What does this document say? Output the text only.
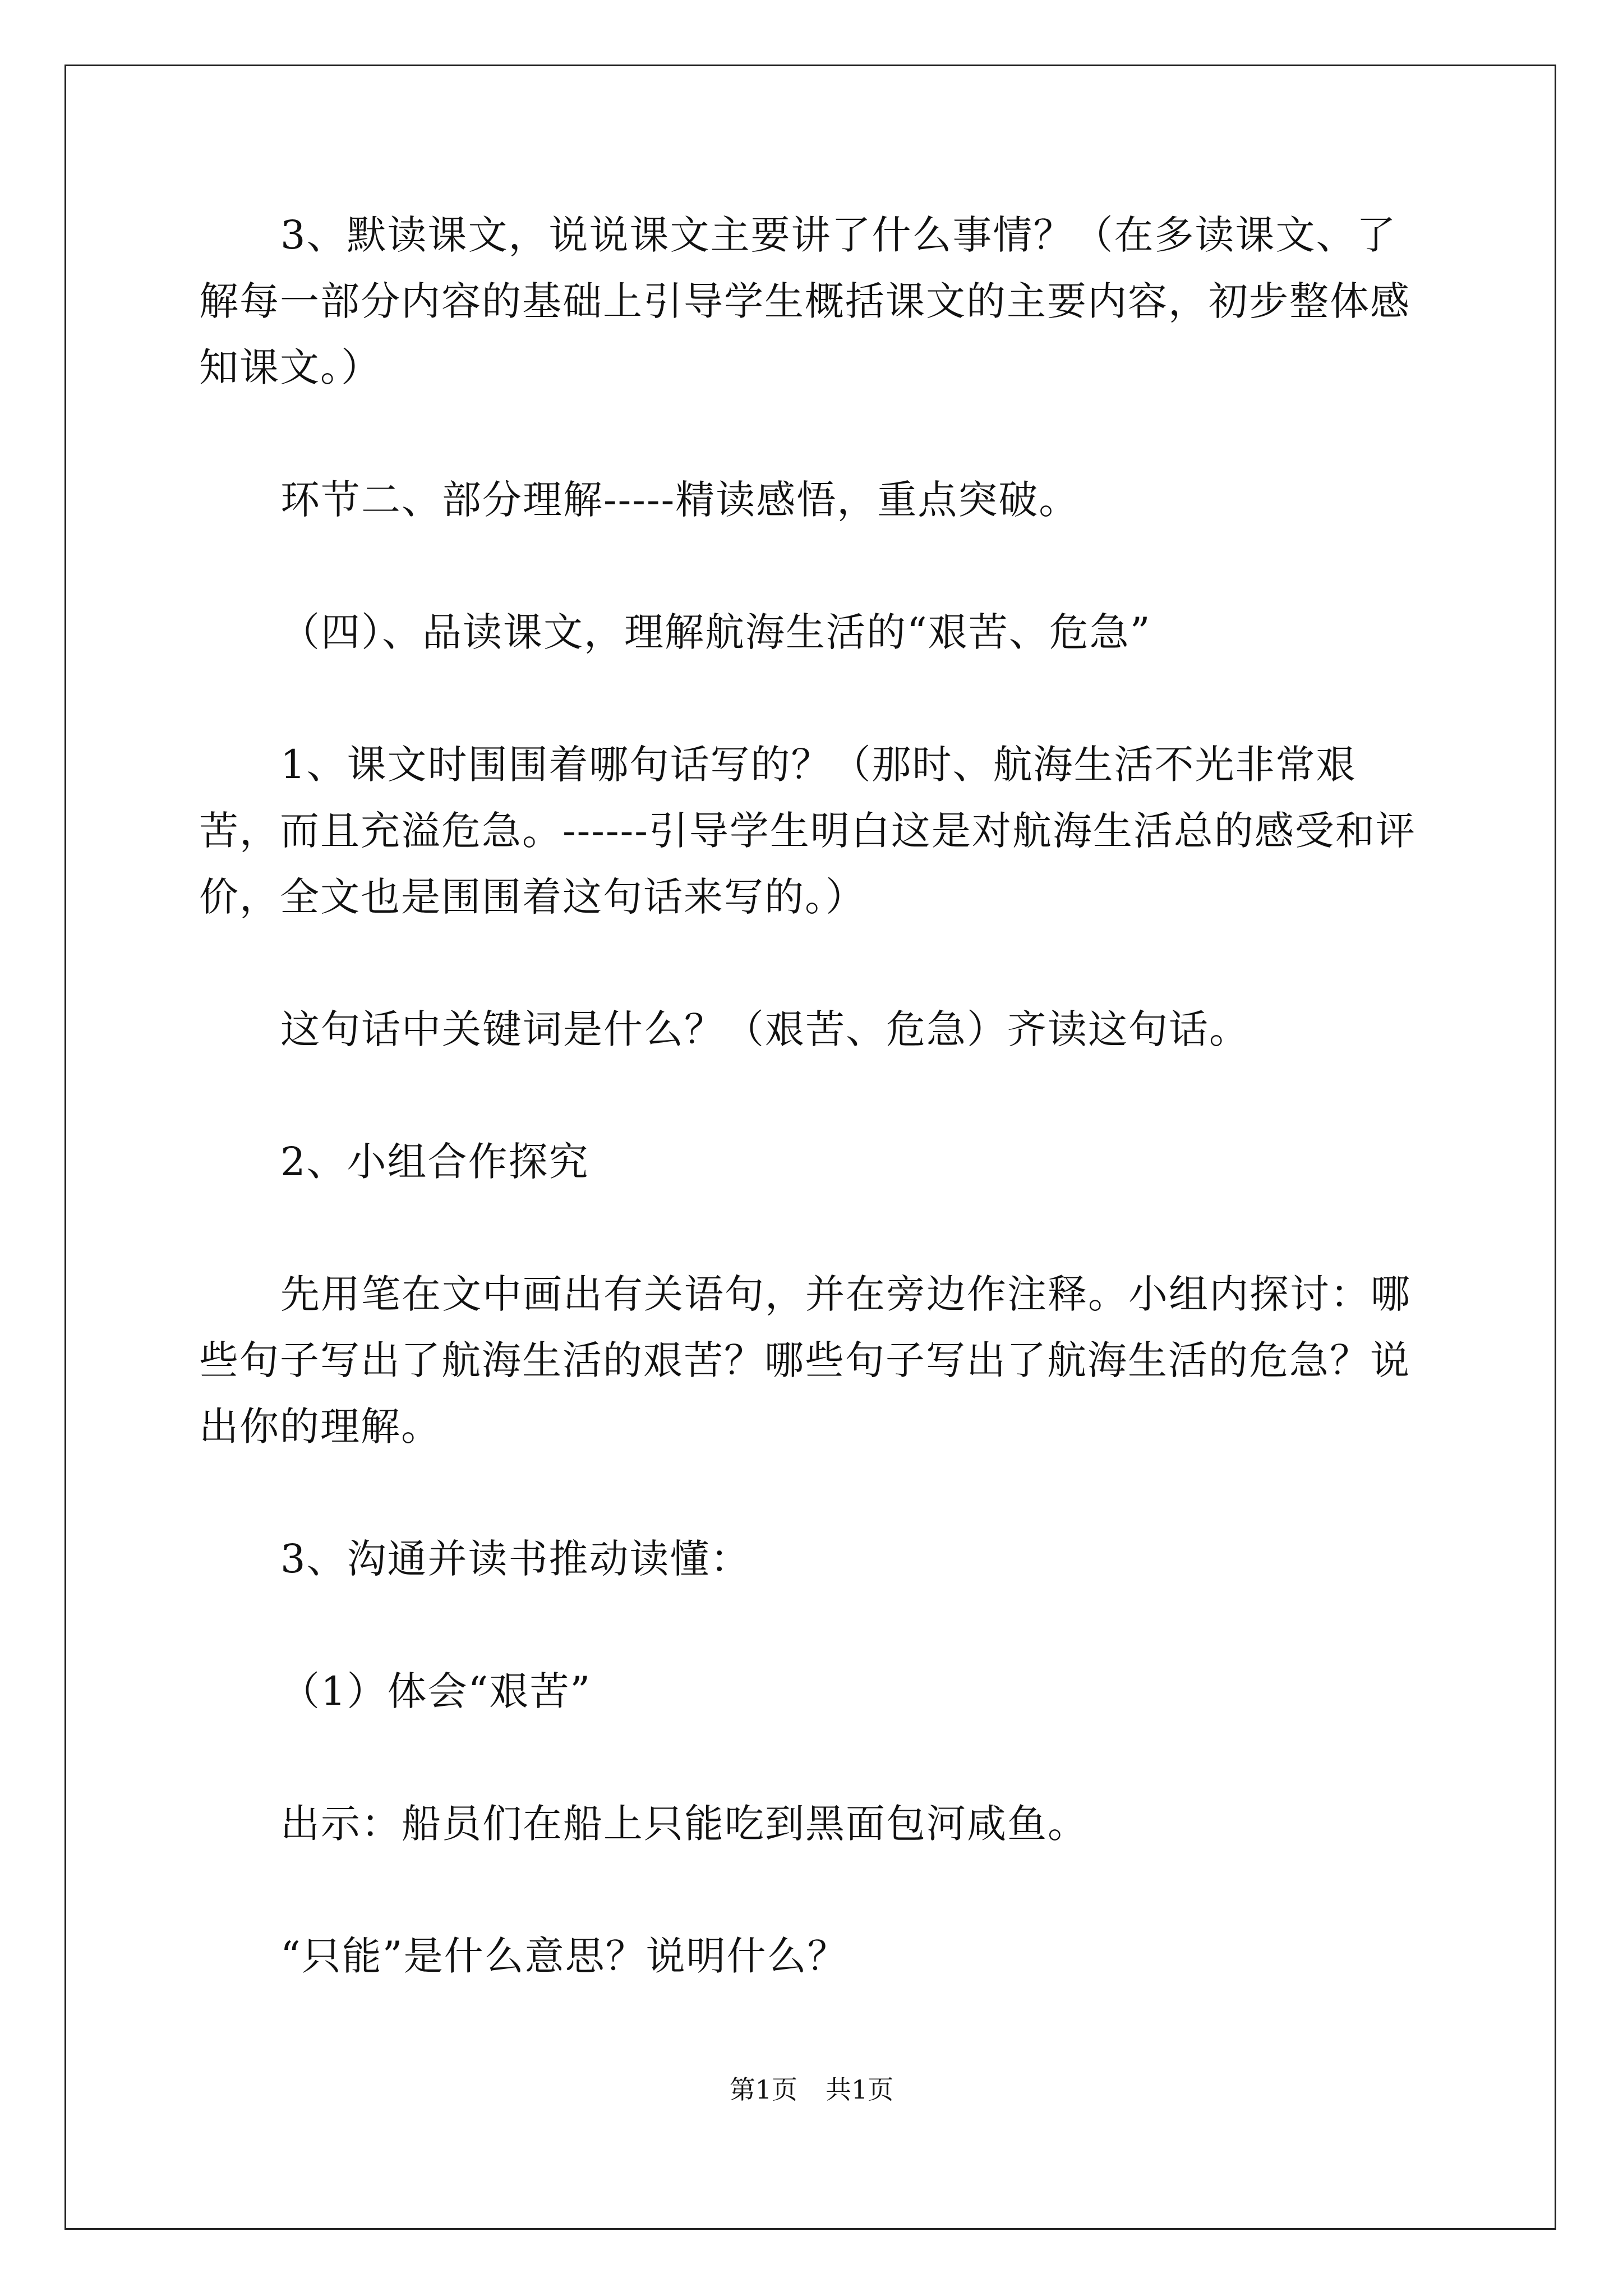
3、默读课文，说说课文主要讲了什么事情？（在多读课文、了解每一部分内容的基础上引导学生概括课文的主要内容，初步整体感知课文。）

环节二、部分理解-----精读感悟，重点突破。

（四）、品读课文，理解航海生活的“艰苦、危急”

1、课文时围围着哪句话写的？（那时、航海生活不光非常艰苦，而且充溢危急。------引导学生明白这是对航海生活总的感受和评价，全文也是围围着这句话来写的。）

这句话中关键词是什么？（艰苦、危急）齐读这句话。

2、小组合作探究

先用笔在文中画出有关语句，并在旁边作注释。小组内探讨：哪些句子写出了航海生活的艰苦？哪些句子写出了航海生活的危急？说出你的理解。

3、沟通并读书推动读懂：

（1）体会“艰苦”

出示：船员们在船上只能吃到黑面包河咸鱼。

“只能”是什么意思？说明什么？

第1页 共1页
